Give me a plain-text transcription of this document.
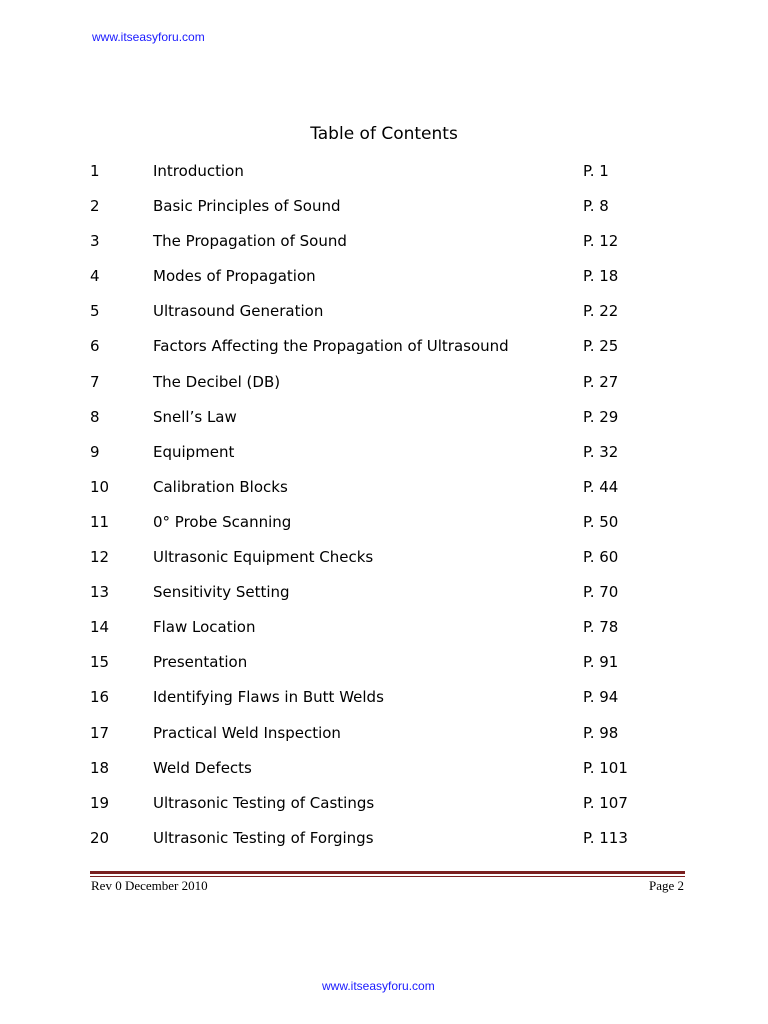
www.itseasyforu.com
Table of Contents
1	Introduction	P. 1
2	Basic Principles of Sound	P. 8
3	The Propagation of Sound	P. 12
4	Modes of Propagation	P. 18
5	Ultrasound Generation	P. 22
6	Factors Affecting the Propagation of Ultrasound	P. 25
7	The Decibel (DB)	P. 27
8	Snell’s Law	P. 29
9	Equipment	P. 32
10	Calibration Blocks	P. 44
11	0° Probe Scanning	P. 50
12	Ultrasonic Equipment Checks	P. 60
13	Sensitivity Setting	P. 70
14	Flaw Location	P. 78
15	Presentation	P. 91
16	Identifying Flaws in Butt Welds	P. 94
17	Practical Weld Inspection	P. 98
18	Weld Defects	P. 101
19	Ultrasonic Testing of Castings	P. 107
20	Ultrasonic Testing of Forgings	P. 113
Rev 0 December 2010	Page 2
www.itseasyforu.com
